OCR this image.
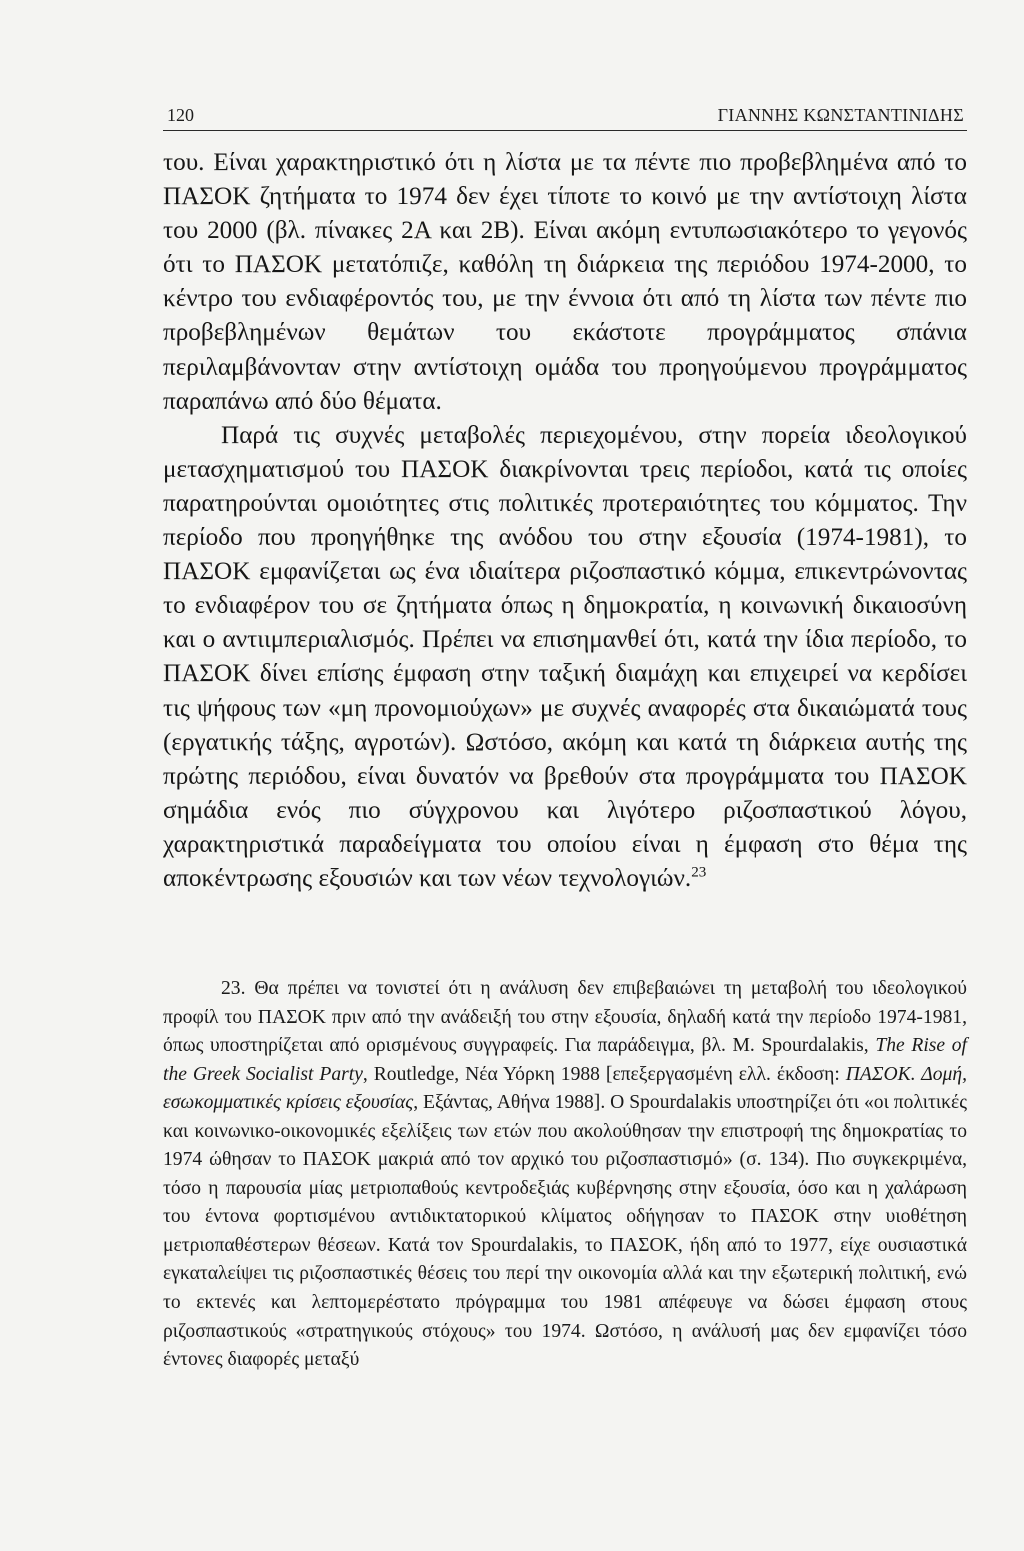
120	ΓΙΑΝΝΗΣ ΚΩΝΣΤΑΝΤΙΝΙΔΗΣ

του. Είναι χαρακτηριστικό ότι η λίστα με τα πέντε πιο προβεβλημένα από το ΠΑΣΟΚ ζητήματα το 1974 δεν έχει τίποτε το κοινό με την αντίστοιχη λίστα του 2000 (βλ. πίνακες 2Α και 2Β). Είναι ακόμη εντυπωσιακότερο το γεγονός ότι το ΠΑΣΟΚ μετατόπιζε, καθόλη τη διάρκεια της περιόδου 1974-2000, το κέντρο του ενδιαφέροντός του, με την έννοια ότι από τη λίστα των πέντε πιο προβεβλημένων θεμάτων του εκάστοτε προγράμματος σπάνια περιλαμβάνονταν στην αντίστοιχη ομάδα του προηγούμενου προγράμματος παραπάνω από δύο θέματα.

Παρά τις συχνές μεταβολές περιεχομένου, στην πορεία ιδεολογικού μετασχηματισμού του ΠΑΣΟΚ διακρίνονται τρεις περίοδοι, κατά τις οποίες παρατηρούνται ομοιότητες στις πολιτικές προτεραιότητες του κόμματος. Την περίοδο που προηγήθηκε της ανόδου του στην εξουσία (1974-1981), το ΠΑΣΟΚ εμφανίζεται ως ένα ιδιαίτερα ριζοσπαστικό κόμμα, επικεντρώνοντας το ενδιαφέρον του σε ζητήματα όπως η δημοκρατία, η κοινωνική δικαιοσύνη και ο αντιιμπεριαλισμός. Πρέπει να επισημανθεί ότι, κατά την ίδια περίοδο, το ΠΑΣΟΚ δίνει επίσης έμφαση στην ταξική διαμάχη και επιχειρεί να κερδίσει τις ψήφους των «μη προνομιούχων» με συχνές αναφορές στα δικαιώματά τους (εργατικής τάξης, αγροτών). Ωστόσο, ακόμη και κατά τη διάρκεια αυτής της πρώτης περιόδου, είναι δυνατόν να βρεθούν στα προγράμματα του ΠΑΣΟΚ σημάδια ενός πιο σύγχρονου και λιγότερο ριζοσπαστικού λόγου, χαρακτηριστικά παραδείγματα του οποίου είναι η έμφαση στο θέμα της αποκέντρωσης εξουσιών και των νέων τεχνολογιών.$^{23}$

23. Θα πρέπει να τονιστεί ότι η ανάλυση δεν επιβεβαιώνει τη μεταβολή του ιδεολογικού προφίλ του ΠΑΣΟΚ πριν από την ανάδειξή του στην εξουσία, δηλαδή κατά την περίοδο 1974-1981, όπως υποστηρίζεται από ορισμένους συγγραφείς. Για παράδειγμα, βλ. Μ. Spourdalakis, The Rise of the Greek Socialist Party, Routledge, Νέα Υόρκη 1988 [επεξεργασμένη ελλ. έκδοση: ΠΑΣΟΚ. Δομή, εσωκομματικές κρίσεις εξουσίας, Εξάντας, Αθήνα 1988]. Ο Spourdalakis υποστηρίζει ότι «οι πολιτικές και κοινωνικο-οικονομικές εξελίξεις των ετών που ακολούθησαν την επιστροφή της δημοκρατίας το 1974 ώθησαν το ΠΑΣΟΚ μακριά από τον αρχικό του ριζοσπαστισμό» (σ. 134). Πιο συγκεκριμένα, τόσο η παρουσία μίας μετριοπαθούς κεντροδεξιάς κυβέρνησης στην εξουσία, όσο και η χαλάρωση του έντονα φορτισμένου αντιδικτατορικού κλίματος οδήγησαν το ΠΑΣΟΚ στην υιοθέτηση μετριοπαθέστερων θέσεων. Κατά τον Spourdalakis, το ΠΑΣΟΚ, ήδη από το 1977, είχε ουσιαστικά εγκαταλείψει τις ριζοσπαστικές θέσεις του περί την οικονομία αλλά και την εξωτερική πολιτική, ενώ το εκτενές και λεπτομερέστατο πρόγραμμα του 1981 απέφευγε να δώσει έμφαση στους ριζοσπαστικούς «στρατηγικούς στόχους» του 1974. Ωστόσο, η ανάλυσή μας δεν εμφανίζει τόσο έντονες διαφορές μεταξύ
